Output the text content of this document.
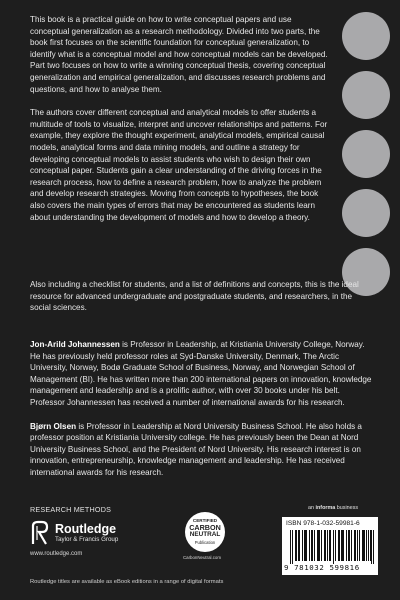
This book is a practical guide on how to write conceptual papers and use conceptual generalization as a research methodology. Divided into two parts, the book first focuses on the scientific foundation for conceptual generalization, to identify what is a conceptual model and how conceptual models can be developed. Part two focuses on how to write a winning conceptual thesis, covering conceptual generalization and empirical generalization, and discusses research problems and questions, and how to analyse them.

The authors cover different conceptual and analytical models to offer students a multitude of tools to visualize, interpret and uncover relationships and patterns. For example, they explore the thought experiment, analytical models, empirical causal models, analytical forms and data mining models, and outline a strategy for developing conceptual models to assist students who wish to design their own conceptual paper. Students gain a clear understanding of the driving forces in the research process, how to define a research problem, how to analyze the problem and develop research strategies. Moving from concepts to hypotheses, the book also covers the main types of errors that may be encountered as students learn about understanding the development of models and how to develop a theory.

Also including a checklist for students, and a list of definitions and concepts, this is the ideal resource for advanced undergraduate and postgraduate students, and researchers, in the social sciences.

Jon-Arild Johannessen is Professor in Leadership, at Kristiania University College, Norway. He has previously held professor roles at Syd-Danske University, Denmark, The Arctic University, Norway, Bodø Graduate School of Business, Norway, and Norwegian School of Management (BI). He has written more than 200 international papers on innovation, knowledge management and leadership and is a prolific author, with over 30 books under his belt. Professor Johannessen has received a number of international awards for his research.

Bjørn Olsen is Professor in Leadership at Nord University Business School. He also holds a professor position at Kristiania University college. He has previously been the Dean at Nord University Business School, and the President of Nord University. His research interest is on innovation, entrepreneurship, knowledge management and leadership. He has received international awards for his research.

RESEARCH METHODS
Routledge
Taylor & Francis Group
www.routledge.com
CERTIFIED
CARBON
NEUTRAL
Publication
CarbonNeutral.com
an informa business
ISBN 978-1-032-59981-6
9 781032 599816
Routledge titles are available as eBook editions in a range of digital formats
